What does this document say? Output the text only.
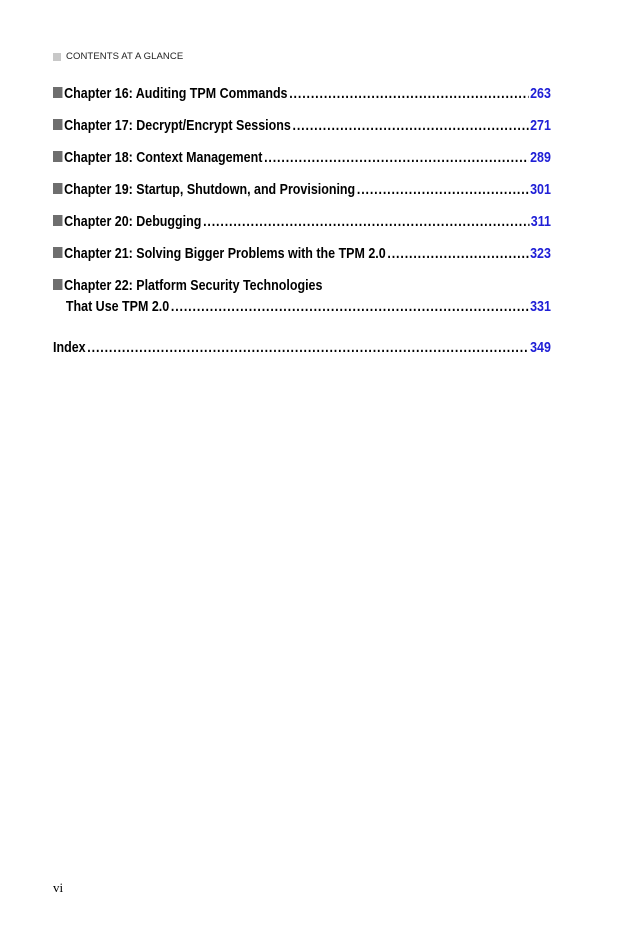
CONTENTS AT A GLANCE
Chapter 16: Auditing TPM Commands .....	263
Chapter 17: Decrypt/Encrypt Sessions .....	271
Chapter 18: Context Management .....	289
Chapter 19: Startup, Shutdown, and Provisioning .....	301
Chapter 20: Debugging .....	311
Chapter 21: Solving Bigger Problems with the TPM 2.0 .....	323
Chapter 22: Platform Security Technologies
That Use TPM 2.0 .....	331
Index .....	349
vi
